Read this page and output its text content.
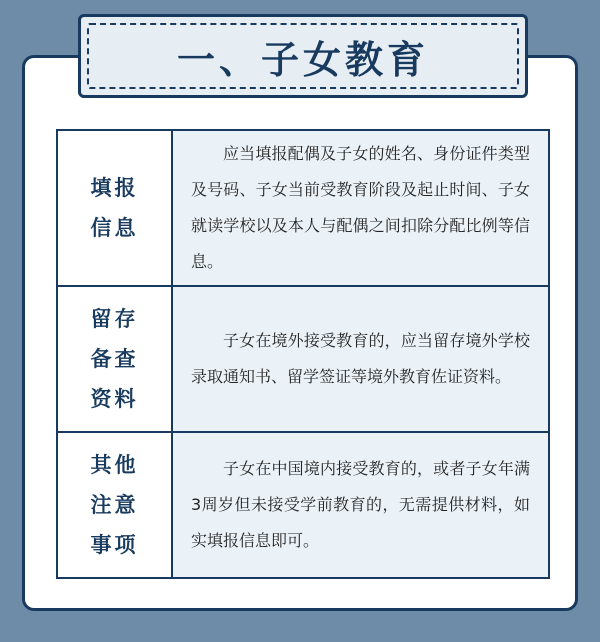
一、子女教育
填报
信息	应当填报配偶及子女的姓名、身份证件类型及号码、子女当前受教育阶段及起止时间、子女就读学校以及本人与配偶之间扣除分配比例等信息。

留存
备查
资料	子女在境外接受教育的，应当留存境外学校录取通知书、留学签证等境外教育佐证资料。

其他
注意
事项	子女在中国境内接受教育的，或者子女年满3周岁但未接受学前教育的，无需提供材料，如实填报信息即可。
